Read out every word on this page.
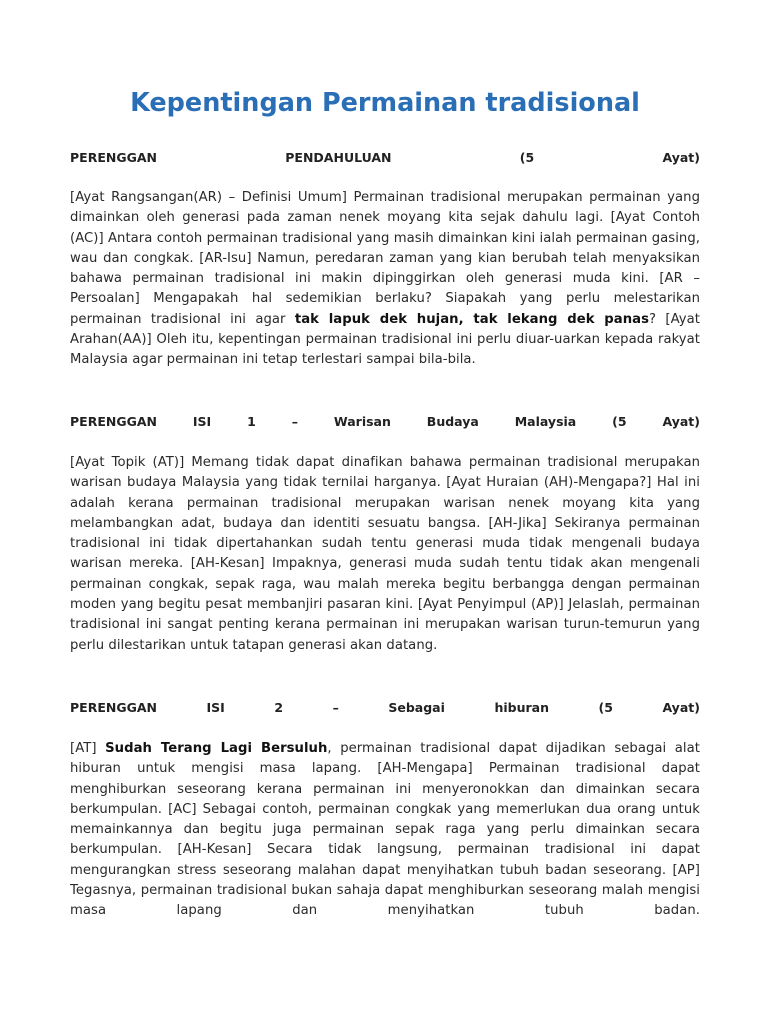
Kepentingan Permainan tradisional
PERENGGAN	PENDAHULUAN	(5	Ayat)
[Ayat Rangsangan(AR) – Definisi Umum] Permainan tradisional merupakan permainan yang dimainkan oleh generasi pada zaman nenek moyang kita sejak dahulu lagi. [Ayat Contoh (AC)] Antara contoh permainan tradisional yang masih dimainkan kini ialah permainan gasing, wau dan congkak. [AR-Isu] Namun, peredaran zaman yang kian berubah telah menyaksikan bahawa permainan tradisional ini makin dipinggirkan oleh generasi muda kini. [AR – Persoalan] Mengapakah hal sedemikian berlaku? Siapakah yang perlu melestarikan permainan tradisional ini agar tak lapuk dek hujan, tak lekang dek panas? [Ayat Arahan(AA)] Oleh itu, kepentingan permainan tradisional ini perlu diuar-uarkan kepada rakyat Malaysia agar permainan ini tetap terlestari sampai bila-bila.
PERENGGAN	ISI	1	–	Warisan	Budaya	Malaysia	(5	Ayat)
[Ayat Topik (AT)] Memang tidak dapat dinafikan bahawa permainan tradisional merupakan warisan budaya Malaysia yang tidak ternilai harganya. [Ayat Huraian (AH)-Mengapa?] Hal ini adalah kerana permainan tradisional merupakan warisan nenek moyang kita yang melambangkan adat, budaya dan identiti sesuatu bangsa. [AH-Jika] Sekiranya permainan tradisional ini tidak dipertahankan sudah tentu generasi muda tidak mengenali budaya warisan mereka. [AH-Kesan] Impaknya, generasi muda sudah tentu tidak akan mengenali permainan congkak, sepak raga, wau malah mereka begitu berbangga dengan permainan moden yang begitu pesat membanjiri pasaran kini. [Ayat Penyimpul (AP)] Jelaslah, permainan tradisional ini sangat penting kerana permainan ini merupakan warisan turun-temurun yang perlu dilestarikan untuk tatapan generasi akan datang.
PERENGGAN	ISI	2	–	Sebagai	hiburan	(5	Ayat)
[AT] Sudah Terang Lagi Bersuluh, permainan tradisional dapat dijadikan sebagai alat hiburan untuk mengisi masa lapang. [AH-Mengapa] Permainan tradisional dapat menghiburkan seseorang kerana permainan ini menyeronokkan dan dimainkan secara berkumpulan. [AC] Sebagai contoh, permainan congkak yang memerlukan dua orang untuk memainkannya dan begitu juga permainan sepak raga yang perlu dimainkan secara berkumpulan. [AH-Kesan] Secara tidak langsung, permainan tradisional ini dapat mengurangkan stress seseorang malahan dapat menyihatkan tubuh badan seseorang. [AP] Tegasnya, permainan tradisional bukan sahaja dapat menghiburkan seseorang malah mengisi masa lapang dan menyihatkan tubuh badan.
